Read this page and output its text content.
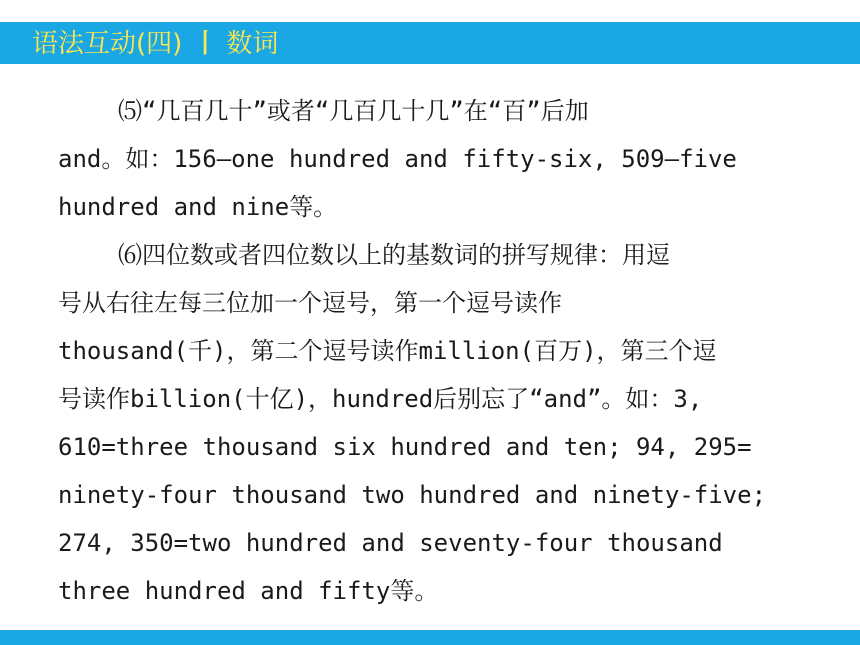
语法互动(四) 丨 数词
⑸“几百几十”或者“几百几十几”在“百”后加
and。如：156—one hundred and fifty-six, 509—five
hundred and nine等。
⑹四位数或者四位数以上的基数词的拼写规律：用逗
号从右往左每三位加一个逗号，第一个逗号读作
thousand(千)，第二个逗号读作million(百万)，第三个逗
号读作billion(十亿)，hundred后别忘了“and”。如：3,
610=three thousand six hundred and ten; 94, 295=
ninety-four thousand two hundred and ninety-five;
274, 350=two hundred and seventy-four thousand
three hundred and fifty等。
